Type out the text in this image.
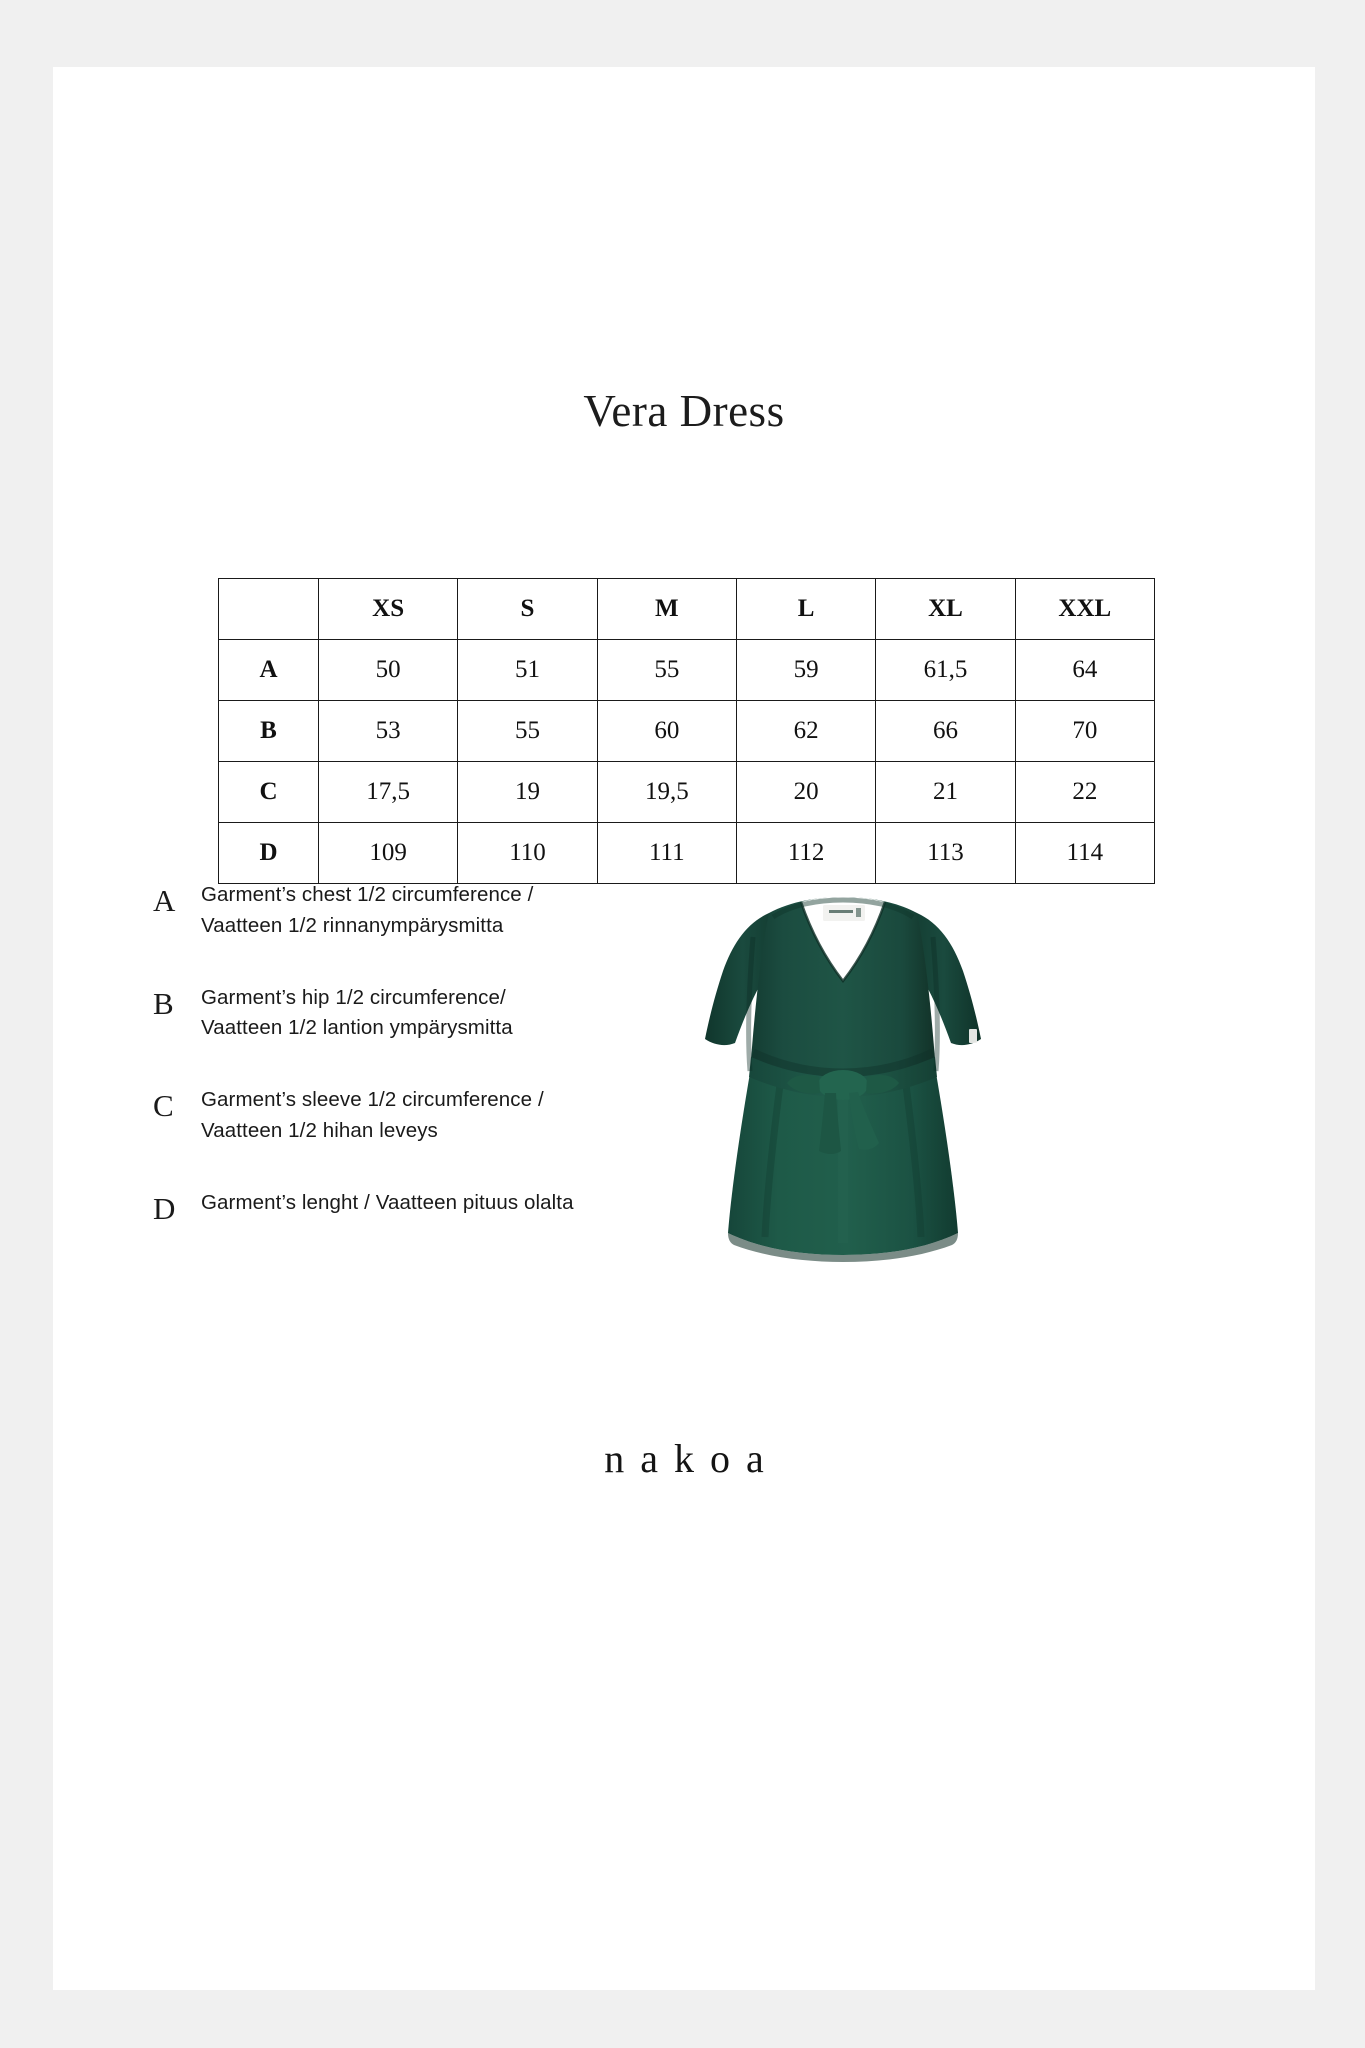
Vera Dress
	XS	S	M	L	XL	XXL
A	50	51	55	59	61,5	64
B	53	55	60	62	66	70
C	17,5	19	19,5	20	21	22
D	109	110	111	112	113	114
A	Garment’s chest 1/2 circumference /
Vaatteen 1/2 rinnanympärysmitta
B	Garment’s hip 1/2 circumference/
Vaatteen 1/2 lantion ympärysmitta
C	Garment’s sleeve 1/2 circumference /
Vaatteen 1/2 hihan leveys
D	Garment’s lenght / Vaatteen pituus olalta
nakoa
